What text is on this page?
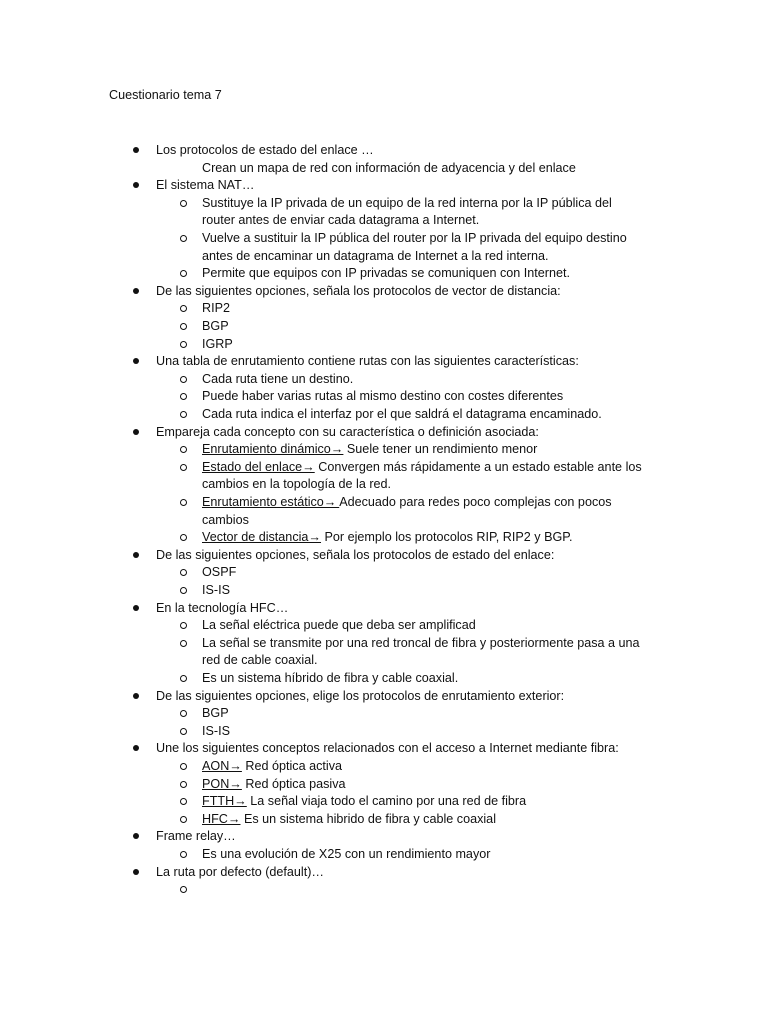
Cuestionario tema 7
Los protocolos de estado del enlace …
Crean un mapa de red con información de adyacencia y del enlace
El sistema NAT…
Sustituye la IP privada de un equipo de la red interna por la IP pública del
router antes de enviar cada datagrama a Internet.
Vuelve a sustituir la IP pública del router por la IP privada del equipo destino
antes de encaminar un datagrama de Internet a la red interna.
Permite que equipos con IP privadas se comuniquen con Internet.
De las siguientes opciones, señala los protocolos de vector de distancia:
RIP2
BGP
IGRP
Una tabla de enrutamiento contiene rutas con las siguientes características:
Cada ruta tiene un destino.
Puede haber varias rutas al mismo destino con costes diferentes
Cada ruta indica el interfaz por el que saldrá el datagrama encaminado.
Empareja cada concepto con su característica o definición asociada:
Enrutamiento dinámico→ Suele tener un rendimiento menor
Estado del enlace→ Convergen más rápidamente a un estado estable ante los
cambios en la topología de la red.
Enrutamiento estático→ Adecuado para redes poco complejas con pocos
cambios
Vector de distancia→ Por ejemplo los protocolos RIP, RIP2 y BGP.
De las siguientes opciones, señala los protocolos de estado del enlace:
OSPF
IS-IS
En la tecnología HFC…
La señal eléctrica puede que deba ser amplificad
La señal se transmite por una red troncal de fibra y posteriormente pasa a una
red de cable coaxial.
Es un sistema híbrido de fibra y cable coaxial.
De las siguientes opciones, elige los protocolos de enrutamiento exterior:
BGP
IS-IS
Une los siguientes conceptos relacionados con el acceso a Internet mediante fibra:
AON→ Red óptica activa
PON→ Red óptica pasiva
FTTH→ La señal viaja todo el camino por una red de fibra
HFC→ Es un sistema hibrido de fibra y cable coaxial
Frame relay…
Es una evolución de X25 con un rendimiento mayor
La ruta por defecto (default)…
